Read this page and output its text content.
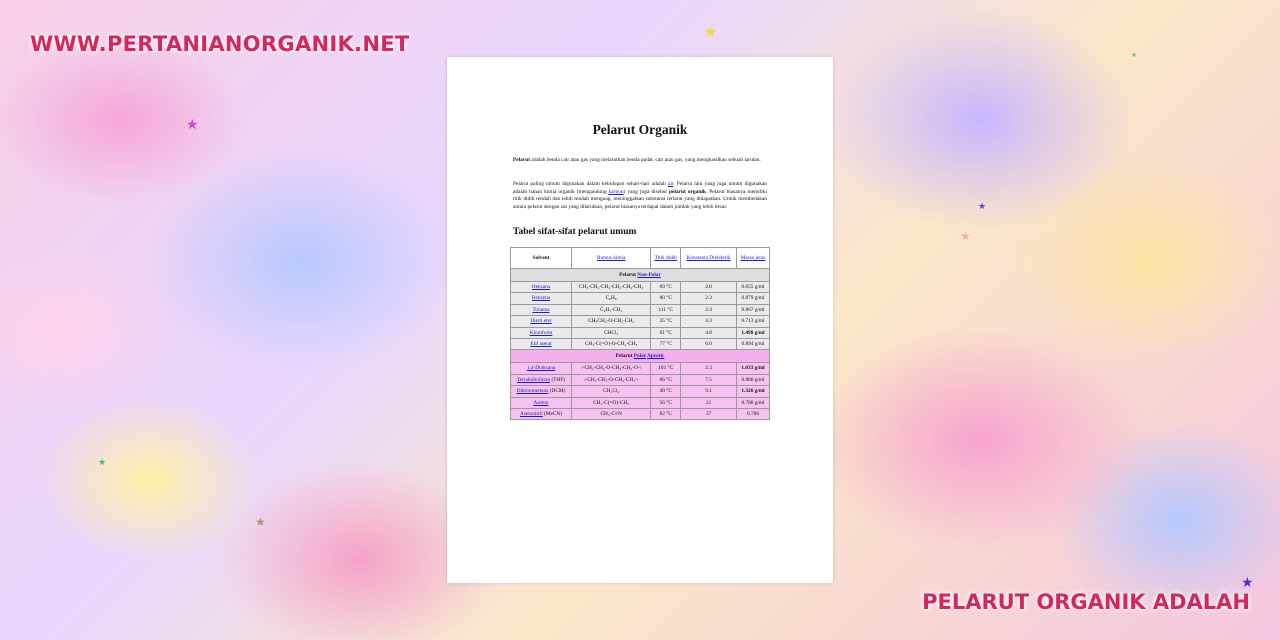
WWW.PERTANIANORGANIK.NET
PELARUT ORGANIK ADALAH
★
★
★
★
★
★
★
★
Pelarut Organik

Pelarut adalah benda cair atau gas yang melarutkan benda padat, cair atau gas, yang menghasilkan sebuah larutan.

Pelarut paling umum digunakan dalam kehidupan sehari-hari adalah air. Pelarut lain yang juga umum digunakan adalah bahan kimia organik (mengandung karbon) yang juga disebut pelarut organik. Pelarut biasanya memiliki titik didih rendah dan lebih mudah menguap, meninggalkan substansi terlarut yang didapatkan. Untuk membedakan antara pelarut dengan zat yang dilarutkan, pelarut biasanya terdapat dalam jumlah yang lebih besar.

Tabel sifat-sifat pelarut umum
Solvent	Rumus kimia	Titik didih	Konstanta Dielektrik	Massa jenis
Pelarut Non-Polar				
Heksana	CH₃-CH₂-CH₂-CH₂-CH₂-CH₃	69 °C	2.0	0.655 g/ml
Benzena	C₆H₆	80 °C	2.3	0.879 g/ml
Toluena	C₆H₅-CH₃	111 °C	2.4	0.867 g/ml
Dietil eter	CH₃CH₂-O-CH₂-CH₃	35 °C	4.3	0.713 g/ml
Kloroform	CHCl₃	61 °C	4.8	1.498 g/ml
Etil asetat	CH₃-C(=O)-O-CH₂-CH₃	77 °C	6.0	0.894 g/ml
Pelarut Polar Aprotic				
1,4-Dioksana	/-CH₂-CH₂-O-CH₂-CH₂-O-\	101 °C	2.3	1.033 g/ml
Tetrahidrofuran (THF)	/-CH₂-CH₂-O-CH₂-CH₂-\	66 °C	7.5	0.886 g/ml
Diklorometana (DCM)	CH₂Cl₂	40 °C	9.1	1.326 g/ml
Aseton	CH₃-C(=O)-CH₃	56 °C	21	0.786 g/ml
Asetonitril (MeCN)	CH₃-C≡N	82 °C	37	0.786
